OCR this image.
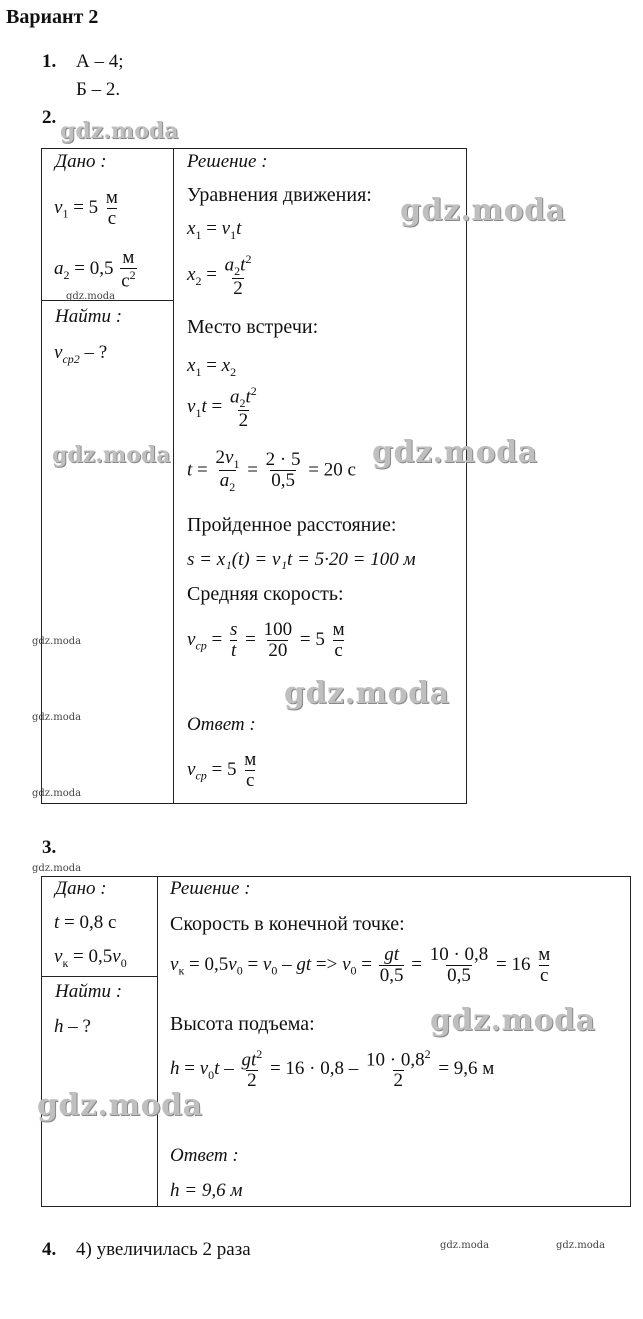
Вариант 2
1. А – 4;
Б – 2.
2.
Дано :
$v_1 = 5 \frac{м}{с}$
$a_2 = 0,5 \frac{м}{с^2}$
Найти :
$v_{ср2}$ – ?
Решение :
Уравнения движения:
$x_1 = v_1t$
$x_2 = \frac{a_2t^2}{2}$
Место встречи:
$x_1 = x_2$
$v_1t = \frac{a_2t^2}{2}$
$t = \frac{2v_1}{a_2} = \frac{2 \cdot 5}{0,5} = 20$ с
Пройденное расстояние:
s = x₁(t) = v₁t = 5·20 = 100 м
Средняя скорость:
$v_{ср} = \frac{s}{t} = \frac{100}{20} = 5 \frac{м}{с}$
Ответ :
$v_{ср} = 5 \frac{м}{с}$
3.
Дано :
t = 0,8 с
$v_к = 0,5v_0$
Найти :
h – ?
Решение :
Скорость в конечной точке:
$v_к = 0,5v_0 = v_0$ – gt => $v_0 = \frac{gt}{0,5} = \frac{10 \cdot 0,8}{0,5} = 16 \frac{м}{с}$
Высота подъема:
$h = v_0t - \frac{gt^2}{2} = 16 \cdot 0,8 - \frac{10 \cdot 0,8^2}{2} = 9,6$ м
Ответ :
h = 9,6 м
4. 4) увеличилась 2 раза
gdz.moda
gdz.moda
gdz.moda
gdz.moda	gdz.moda
gdz.moda
gdz.moda
gdz.moda
gdz.moda
gdz.moda
gdz.moda
gdz.moda
gdz.moda	gdz.moda
